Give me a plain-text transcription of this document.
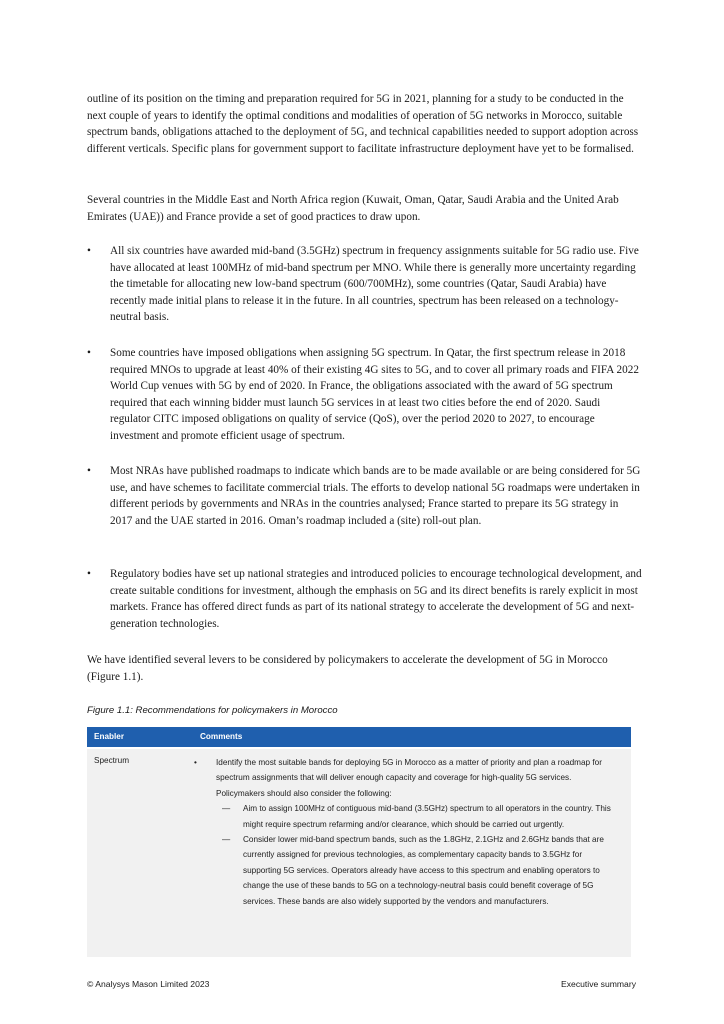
outline of its position on the timing and preparation required for 5G in 2021, planning for a study to be conducted in the next couple of years to identify the optimal conditions and modalities of operation of 5G networks in Morocco, suitable spectrum bands, obligations attached to the deployment of 5G, and technical capabilities needed to support adoption across different verticals. Specific plans for government support to facilitate infrastructure deployment have yet to be formalised.

Several countries in the Middle East and North Africa region (Kuwait, Oman, Qatar, Saudi Arabia and the United Arab Emirates (UAE)) and France provide a set of good practices to draw upon.

• All six countries have awarded mid-band (3.5GHz) spectrum in frequency assignments suitable for 5G radio use. Five have allocated at least 100MHz of mid-band spectrum per MNO. While there is generally more uncertainty regarding the timetable for allocating new low-band spectrum (600/700MHz), some countries (Qatar, Saudi Arabia) have recently made initial plans to release it in the future. In all countries, spectrum has been released on a technology-neutral basis.
• Some countries have imposed obligations when assigning 5G spectrum. In Qatar, the first spectrum release in 2018 required MNOs to upgrade at least 40% of their existing 4G sites to 5G, and to cover all primary roads and FIFA 2022 World Cup venues with 5G by end of 2020. In France, the obligations associated with the award of 5G spectrum required that each winning bidder must launch 5G services in at least two cities before the end of 2020. Saudi regulator CITC imposed obligations on quality of service (QoS), over the period 2020 to 2027, to encourage investment and promote efficient usage of spectrum.
• Most NRAs have published roadmaps to indicate which bands are to be made available or are being considered for 5G use, and have schemes to facilitate commercial trials. The efforts to develop national 5G roadmaps were undertaken in different periods by governments and NRAs in the countries analysed; France started to prepare its 5G strategy in 2017 and the UAE started in 2016. Oman’s roadmap included a (site) roll-out plan.
• Regulatory bodies have set up national strategies and introduced policies to encourage technological development, and create suitable conditions for investment, although the emphasis on 5G and its direct benefits is rarely explicit in most markets. France has offered direct funds as part of its national strategy to accelerate the development of 5G and next-generation technologies.

We have identified several levers to be considered by policymakers to accelerate the development of 5G in Morocco (Figure 1.1).

Figure 1.1: Recommendations for policymakers in Morocco
Enabler	Comments
Spectrum	• Identify the most suitable bands for deploying 5G in Morocco as a matter of priority and plan a roadmap for spectrum assignments that will deliver enough capacity and coverage for high-quality 5G services. Policymakers should also consider the following:
— Aim to assign 100MHz of contiguous mid-band (3.5GHz) spectrum to all operators in the country. This might require spectrum refarming and/or clearance, which should be carried out urgently.
— Consider lower mid-band spectrum bands, such as the 1.8GHz, 2.1GHz and 2.6GHz bands that are currently assigned for previous technologies, as complementary capacity bands to 3.5GHz for supporting 5G services. Operators already have access to this spectrum and enabling operators to change the use of these bands to 5G on a technology-neutral basis could benefit coverage of 5G services. These bands are also widely supported by the vendors and manufacturers.
© Analysys Mason Limited 2023	Executive summary
